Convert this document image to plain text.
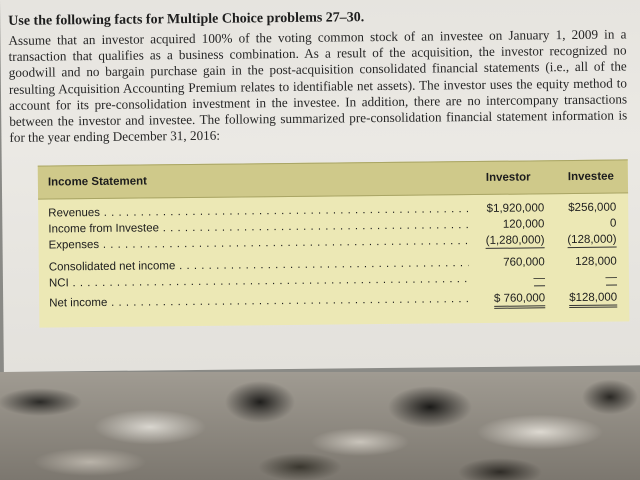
Use the following facts for Multiple Choice problems 27–30.
Assume that an investor acquired 100% of the voting common stock of an investee on January 1, 2009 in a transaction that qualifies as a business combination. As a result of the acquisition, the investor recognized no goodwill and no bargain purchase gain in the post-acquisition consolidated financial statements (i.e., all of the resulting Acquisition Accounting Premium relates to identifiable net assets). The investor uses the equity method to account for its pre-consolidation investment in the investee. In addition, there are no intercompany transactions between the investor and investee. The following summarized pre-consolidation financial statement information is for the year ending December 31, 2016:
Income Statement	Investor	Investee
Revenues . . .	$1,920,000	$256,000
Income from Investee . . .	120,000	0
Expenses . . .	(1,280,000)	(128,000)
Consolidated net income . . .	760,000	128,000
NCI . . .	—	—
Net income . . .	$ 760,000	$128,000
